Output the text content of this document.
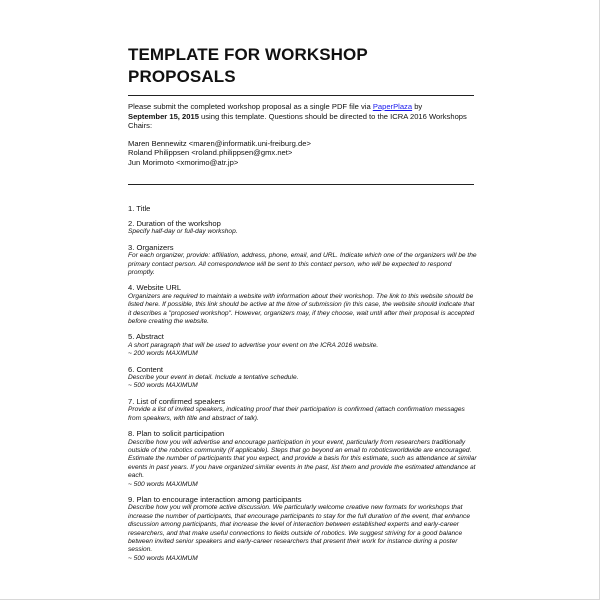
TEMPLATE FOR WORKSHOP PROPOSALS
Please submit the completed workshop proposal as a single PDF file via PaperPlaza by
September 15, 2015 using this template. Questions should be directed to the ICRA 2016 Workshops Chairs:
Maren Bennewitz <maren@informatik.uni-freiburg.de>
Roland Philippsen <roland.philippsen@gmx.net>
Jun Morimoto <xmorimo@atr.jp>
1. Title
2. Duration of the workshop
Specify half-day or full-day workshop.
3. Organizers
For each organizer, provide: affiliation, address, phone, email, and URL. Indicate which one of the organizers will be the primary contact person. All correspondence will be sent to this contact person, who will be expected to respond promptly.
4. Website URL
Organizers are required to maintain a website with information about their workshop. The link to this website should be listed here. If possible, this link should be active at the time of submission (in this case, the website should indicate that it describes a "proposed workshop". However, organizers may, if they choose, wait until after their proposal is accepted before creating the website.
5. Abstract
A short paragraph that will be used to advertise your event on the ICRA 2016 website.
~ 200 words MAXIMUM
6. Content
Describe your event in detail. Include a tentative schedule.
~ 500 words MAXIMUM
7. List of confirmed speakers
Provide a list of invited speakers, indicating proof that their participation is confirmed (attach confirmation messages from speakers, with title and abstract of talk).
8. Plan to solicit participation
Describe how you will advertise and encourage participation in your event, particularly from researchers traditionally outside of the robotics community (if applicable). Steps that go beyond an email to roboticsworldwide are encouraged. Estimate the number of participants that you expect, and provide a basis for this estimate, such as attendance at similar events in past years. If you have organized similar events in the past, list them and provide the estimated attendance at each.
~ 500 words MAXIMUM
9. Plan to encourage interaction among participants
Describe how you will promote active discussion. We particularly welcome creative new formats for workshops that increase the number of participants, that encourage participants to stay for the full duration of the event, that enhance discussion among participants, that increase the level of interaction between established experts and early-career researchers, and that make useful connections to fields outside of robotics. We suggest striving for a good balance between invited senior speakers and early-career researchers that present their work for instance during a poster session.
~ 500 words MAXIMUM
